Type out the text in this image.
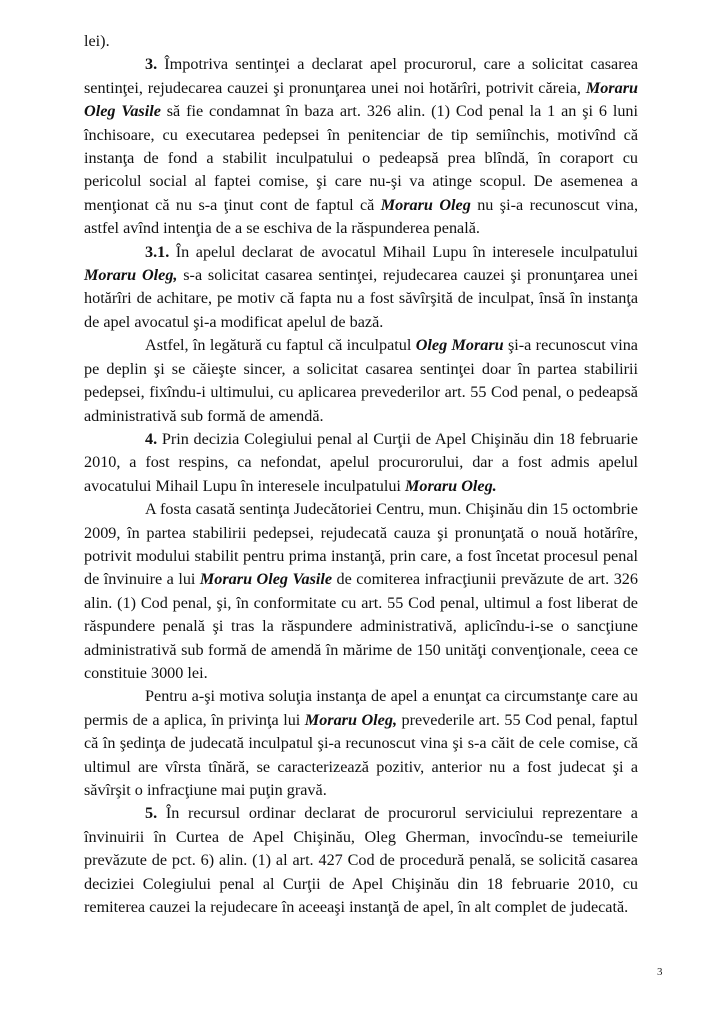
lei).

3. Împotriva sentinţei a declarat apel procurorul, care a solicitat casarea sentinţei, rejudecarea cauzei şi pronunţarea unei noi hotărîri, potrivit căreia, Moraru Oleg Vasile să fie condamnat în baza art. 326 alin. (1) Cod penal la 1 an şi 6 luni închisoare, cu executarea pedepsei în penitenciar de tip semiînchis, motivînd că instanţa de fond a stabilit inculpatului o pedeapsă prea blîndă, în coraport cu pericolul social al faptei comise, şi care nu-şi va atinge scopul. De asemenea a menţionat că nu s-a ţinut cont de faptul că Moraru Oleg nu şi-a recunoscut vina, astfel avînd intenţia de a se eschiva de la răspunderea penală.

3.1. În apelul declarat de avocatul Mihail Lupu în interesele inculpatului Moraru Oleg, s-a solicitat casarea sentinţei, rejudecarea cauzei şi pronunţarea unei hotărîri de achitare, pe motiv că fapta nu a fost săvîrşită de inculpat, însă în instanţa de apel avocatul şi-a modificat apelul de bază.

Astfel, în legătură cu faptul că inculpatul Oleg Moraru şi-a recunoscut vina pe deplin şi se căieşte sincer, a solicitat casarea sentinţei doar în partea stabilirii pedepsei, fixîndu-i ultimului, cu aplicarea prevederilor art. 55 Cod penal, o pedeapsă administrativă sub formă de amendă.

4. Prin decizia Colegiului penal al Curţii de Apel Chişinău din 18 februarie 2010, a fost respins, ca nefondat, apelul procurorului, dar a fost admis apelul avocatului Mihail Lupu în interesele inculpatului Moraru Oleg.

A fosta casată sentinţa Judecătoriei Centru, mun. Chişinău din 15 octombrie 2009, în partea stabilirii pedepsei, rejudecată cauza şi pronunţată o nouă hotărîre, potrivit modului stabilit pentru prima instanţă, prin care, a fost încetat procesul penal de învinuire a lui Moraru Oleg Vasile de comiterea infracţiunii prevăzute de art. 326 alin. (1) Cod penal, şi, în conformitate cu art. 55 Cod penal, ultimul a fost liberat de răspundere penală şi tras la răspundere administrativă, aplicîndu-i-se o sancţiune administrativă sub formă de amendă în mărime de 150 unităţi convenţionale, ceea ce constituie 3000 lei.

Pentru a-şi motiva soluţia instanţa de apel a enunţat ca circumstanţe care au permis de a aplica, în privinţa lui Moraru Oleg, prevederile art. 55 Cod penal, faptul că în şedinţa de judecată inculpatul şi-a recunoscut vina şi s-a căit de cele comise, că ultimul are vîrsta tînără, se caracterizează pozitiv, anterior nu a fost judecat şi a săvîrşit o infracţiune mai puţin gravă.

5. În recursul ordinar declarat de procurorul serviciului reprezentare a învinuirii în Curtea de Apel Chişinău, Oleg Gherman, invocîndu-se temeiurile prevăzute de pct. 6) alin. (1) al art. 427 Cod de procedură penală, se solicită casarea deciziei Colegiului penal al Curţii de Apel Chişinău din 18 februarie 2010, cu remiterea cauzei la rejudecare în aceeaşi instanţă de apel, în alt complet de judecată.

3
